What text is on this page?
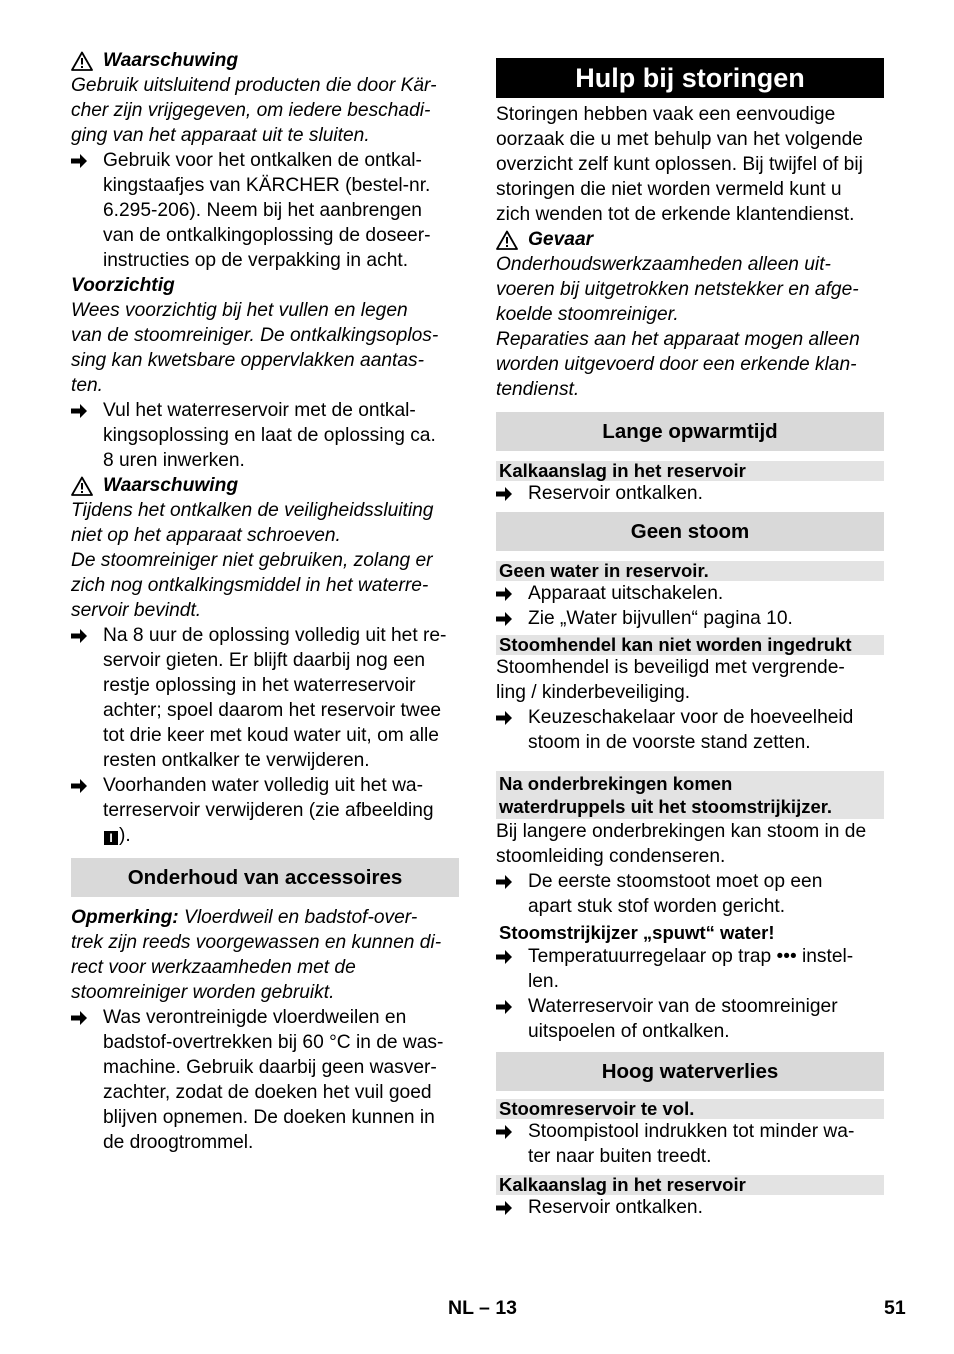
Waarschuwing

Gebruik uitsluitend producten die door Kär-

cher zijn vrijgegeven, om iedere beschadi-

ging van het apparaat uit te sluiten.

Gebruik voor het ontkalken de ontkal-

kingstaafjes van KÄRCHER (bestel-nr.

6.295-206). Neem bij het aanbrengen

van de ontkalkingoplossing de doseer-

instructies op de verpakking in acht.

Voorzichtig

Wees voorzichtig bij het vullen en legen

van de stoomreiniger. De ontkalkingsoplos-

sing kan kwetsbare oppervlakken aantas-

ten.

Vul het waterreservoir met de ontkal-

kingsoplossing en laat de oplossing ca.

8 uren inwerken.

Waarschuwing

Tijdens het ontkalken de veiligheidssluiting

niet op het apparaat schroeven.

De stoomreiniger niet gebruiken, zolang er

zich nog ontkalkingsmiddel in het waterre-

servoir bevindt.

Na 8 uur de oplossing volledig uit het re-

servoir gieten. Er blijft daarbij nog een

restje oplossing in het waterreservoir

achter; spoel daarom het reservoir twee

tot drie keer met koud water uit, om alle

resten ontkalker te verwijderen.

Voorhanden water volledig uit het wa-

terreservoir verwijderen (zie afbeelding

I ).

Onderhoud van accessoires

Opmerking: Vloerdweil en badstof-over-

trek zijn reeds voorgewassen en kunnen di-

rect voor werkzaamheden met de

stoomreiniger worden gebruikt.

Was verontreinigde vloerdweilen en

badstof-overtrekken bij 60 °C in de was-

machine. Gebruik daarbij geen wasver-

zachter, zodat de doeken het vuil goed

blijven opnemen. De doeken kunnen in

de droogtrommel.

Hulp bij storingen

Storingen hebben vaak een eenvoudige

oorzaak die u met behulp van het volgende

overzicht zelf kunt oplossen. Bij twijfel of bij

storingen die niet worden vermeld kunt u

zich wenden tot de erkende klantendienst.

Gevaar

Onderhoudswerkzaamheden alleen uit-

voeren bij uitgetrokken netstekker en afge-

koelde stoomreiniger.

Reparaties aan het apparaat mogen alleen

worden uitgevoerd door een erkende klan-

tendienst.

Lange opwarmtijd

Kalkaanslag in het reservoir

Reservoir ontkalken.

Geen stoom

Geen water in reservoir.

Apparaat uitschakelen.

Zie „Water bijvullen“ pagina 10.

Stoomhendel kan niet worden ingedrukt

Stoomhendel is beveiligd met vergrende-

ling / kinderbeveiliging.

Keuzeschakelaar voor de hoeveelheid

stoom in de voorste stand zetten.

Na onderbrekingen komen

waterdruppels uit het stoomstrijkijzer.

Bij langere onderbrekingen kan stoom in de

stoomleiding condenseren.

De eerste stoomstoot moet op een

apart stuk stof worden gericht.

Stoomstrijkijzer „spuwt“ water!

Temperatuurregelaar op trap ••• instel-

len.

Waterreservoir van de stoomreiniger

uitspoelen of ontkalken.

Hoog waterverlies

Stoomreservoir te vol.

Stoompistool indrukken tot minder wa-

ter naar buiten treedt.

Kalkaanslag in het reservoir

Reservoir ontkalken.

NL – 13	51
